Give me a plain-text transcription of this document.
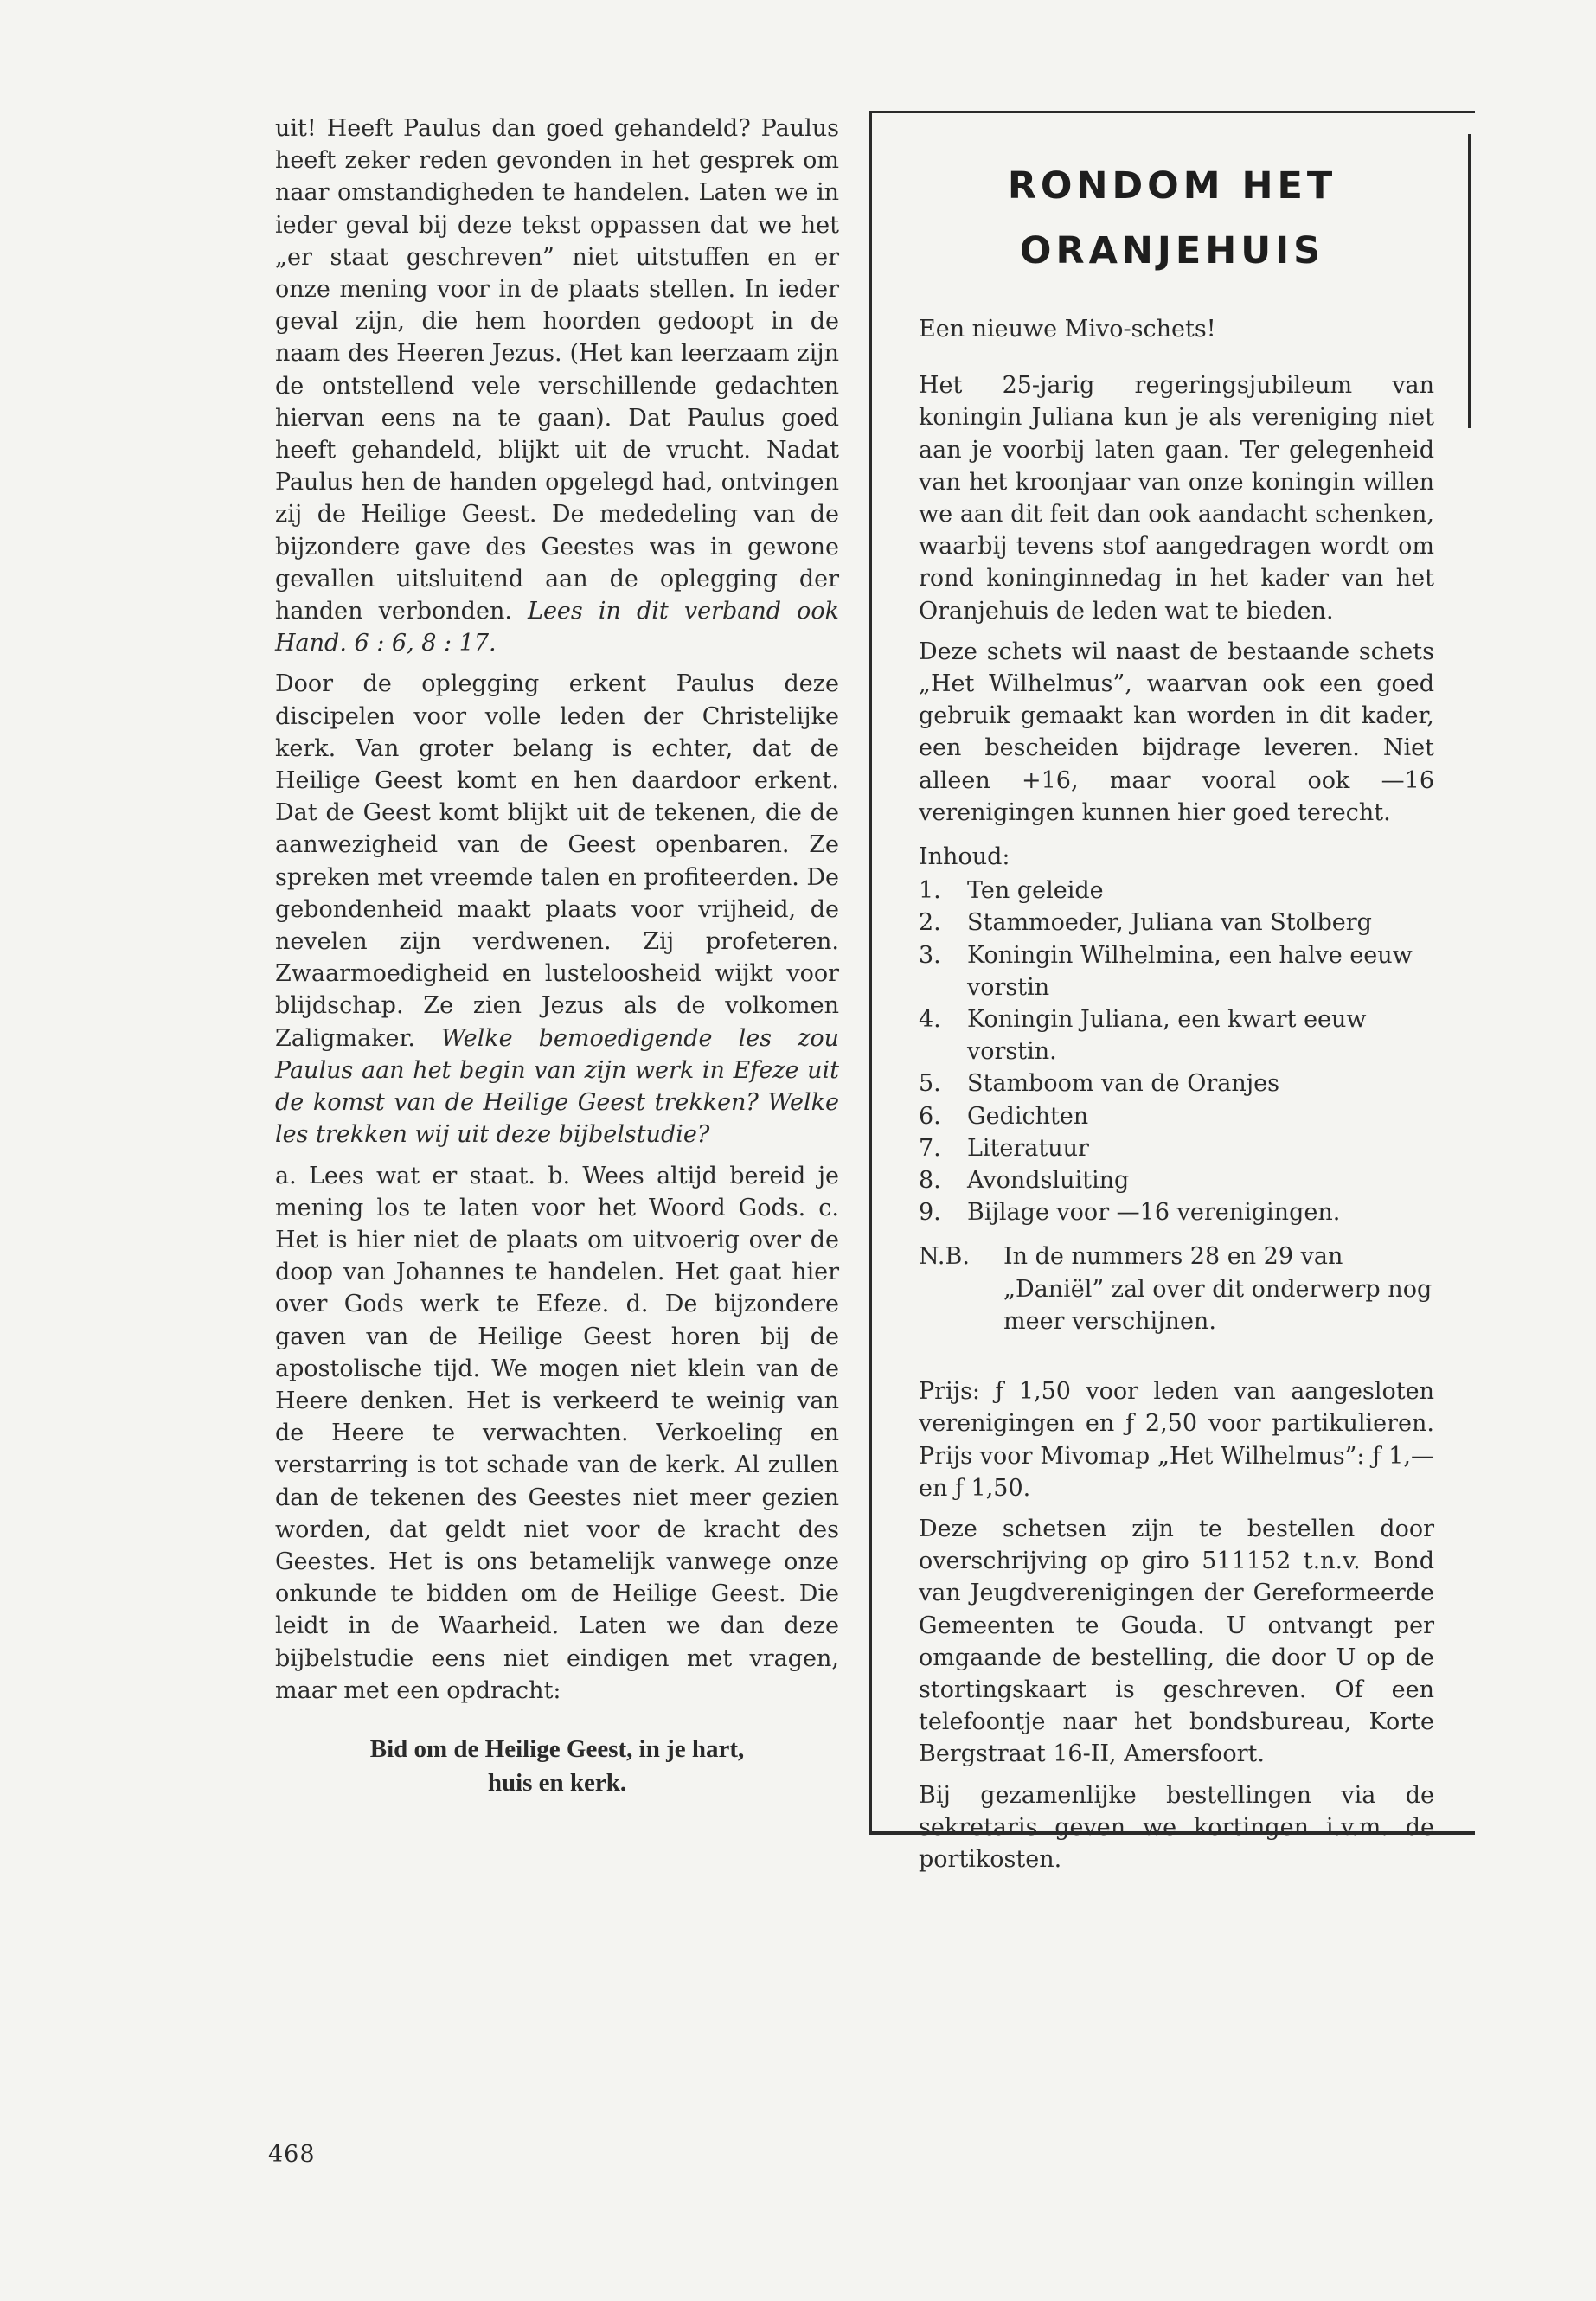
uit! Heeft Paulus dan goed gehandeld? Paulus heeft zeker reden gevonden in het gesprek om naar omstandigheden te handelen. Laten we in ieder geval bij deze tekst oppassen dat we het „er staat geschreven” niet uitstuffen en er onze mening voor in de plaats stellen. In ieder geval zijn, die hem hoorden gedoopt in de naam des Heeren Jezus. (Het kan leerzaam zijn de ontstellend vele verschillende gedachten hiervan eens na te gaan). Dat Paulus goed heeft gehandeld, blijkt uit de vrucht. Nadat Paulus hen de handen opgelegd had, ontvingen zij de Heilige Geest. De mededeling van de bijzondere gave des Geestes was in gewone gevallen uitsluitend aan de oplegging der handen verbonden. Lees in dit verband ook Hand. 6 : 6, 8 : 17.

Door de oplegging erkent Paulus deze discipelen voor volle leden der Christelijke kerk. Van groter belang is echter, dat de Heilige Geest komt en hen daardoor erkent. Dat de Geest komt blijkt uit de tekenen, die de aanwezigheid van de Geest openbaren. Ze spreken met vreemde talen en profiteerden. De gebondenheid maakt plaats voor vrijheid, de nevelen zijn verdwenen. Zij profeteren. Zwaarmoedigheid en lusteloosheid wijkt voor blijdschap. Ze zien Jezus als de volkomen Zaligmaker. Welke bemoedigende les zou Paulus aan het begin van zijn werk in Efeze uit de komst van de Heilige Geest trekken? Welke les trekken wij uit deze bijbelstudie?

a. Lees wat er staat. b. Wees altijd bereid je mening los te laten voor het Woord Gods. c. Het is hier niet de plaats om uitvoerig over de doop van Johannes te handelen. Het gaat hier over Gods werk te Efeze. d. De bijzondere gaven van de Heilige Geest horen bij de apostolische tijd. We mogen niet klein van de Heere denken. Het is verkeerd te weinig van de Heere te verwachten. Verkoeling en verstarring is tot schade van de kerk. Al zullen dan de tekenen des Geestes niet meer gezien worden, dat geldt niet voor de kracht des Geestes. Het is ons betamelijk vanwege onze onkunde te bidden om de Heilige Geest. Die leidt in de Waarheid. Laten we dan deze bijbelstudie eens niet eindigen met vragen, maar met een opdracht:

Bid om de Heilige Geest, in je hart,
huis en kerk.
468
RONDOM HET
ORANJEHUIS

Een nieuwe Mivo-schets!

Het 25-jarig regeringsjubileum van koningin Juliana kun je als vereniging niet aan je voorbij laten gaan. Ter gelegenheid van het kroonjaar van onze koningin willen we aan dit feit dan ook aandacht schenken, waarbij tevens stof aangedragen wordt om rond koninginnedag in het kader van het Oranjehuis de leden wat te bieden.

Deze schets wil naast de bestaande schets „Het Wilhelmus”, waarvan ook een goed gebruik gemaakt kan worden in dit kader, een bescheiden bijdrage leveren. Niet alleen +16, maar vooral ook —16 verenigingen kunnen hier goed terecht.

Inhoud:
1.	Ten geleide
2.	Stammoeder, Juliana van Stolberg
3.	Koningin Wilhelmina, een halve eeuw vorstin
4.	Koningin Juliana, een kwart eeuw vorstin.
5.	Stamboom van de Oranjes
6.	Gedichten
7.	Literatuur
8.	Avondsluiting
9.	Bijlage voor —16 verenigingen.
N.B.	In de nummers 28 en 29 van „Daniël” zal over dit onderwerp nog meer verschijnen.

Prijs: ƒ 1,50 voor leden van aangesloten verenigingen en ƒ 2,50 voor partikulieren. Prijs voor Mivomap „Het Wilhelmus”: ƒ 1,— en ƒ 1,50.

Deze schetsen zijn te bestellen door overschrijving op giro 511152 t.n.v. Bond van Jeugdverenigingen der Gereformeerde Gemeenten te Gouda. U ontvangt per omgaande de bestelling, die door U op de stortingskaart is geschreven. Of een telefoontje naar het bondsbureau, Korte Bergstraat 16-II, Amersfoort.

Bij gezamenlijke bestellingen via de sekretaris geven we kortingen i.v.m. de portikosten.
